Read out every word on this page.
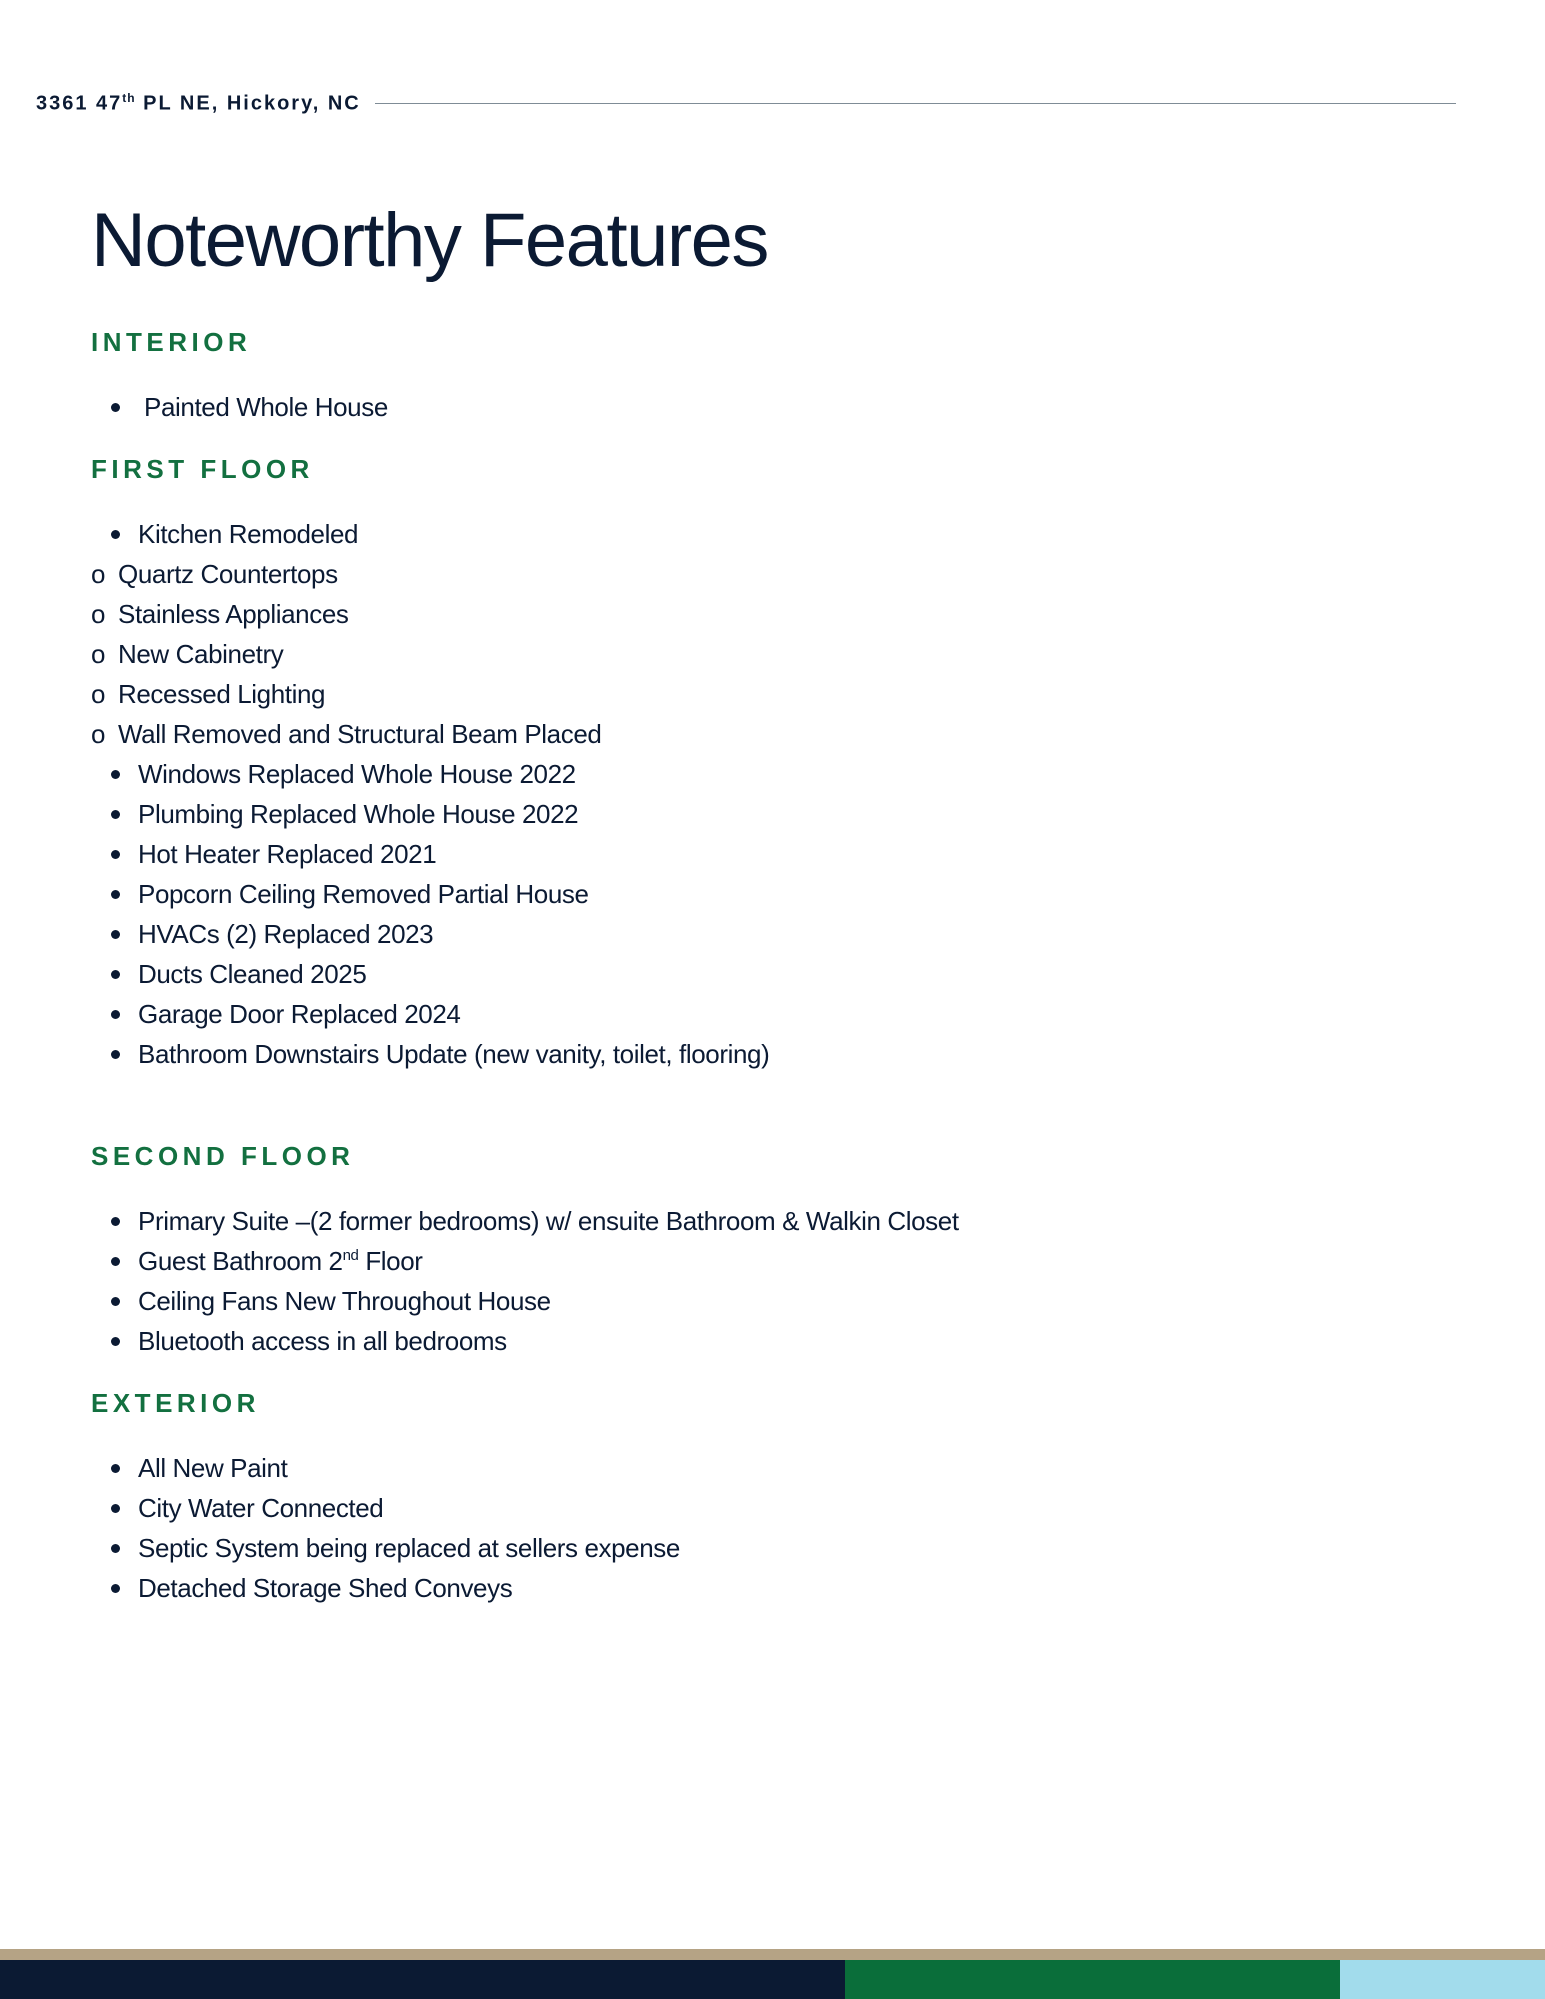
3361 47th PL NE, Hickory, NC
Noteworthy Features
INTERIOR
Painted Whole House
FIRST FLOOR
Kitchen Remodeled
o Quartz Countertops
o Stainless Appliances
o New Cabinetry
o Recessed Lighting
o Wall Removed and Structural Beam Placed
Windows Replaced Whole House 2022
Plumbing Replaced Whole House 2022
Hot Heater Replaced 2021
Popcorn Ceiling Removed Partial House
HVACs (2) Replaced 2023
Ducts Cleaned 2025
Garage Door Replaced 2024
Bathroom Downstairs Update (new vanity, toilet, flooring)
SECOND FLOOR
Primary Suite –(2 former bedrooms) w/ ensuite Bathroom & Walkin Closet
Guest Bathroom 2nd Floor
Ceiling Fans New Throughout House
Bluetooth access in all bedrooms
EXTERIOR
All New Paint
City Water Connected
Septic System being replaced at sellers expense
Detached Storage Shed Conveys
